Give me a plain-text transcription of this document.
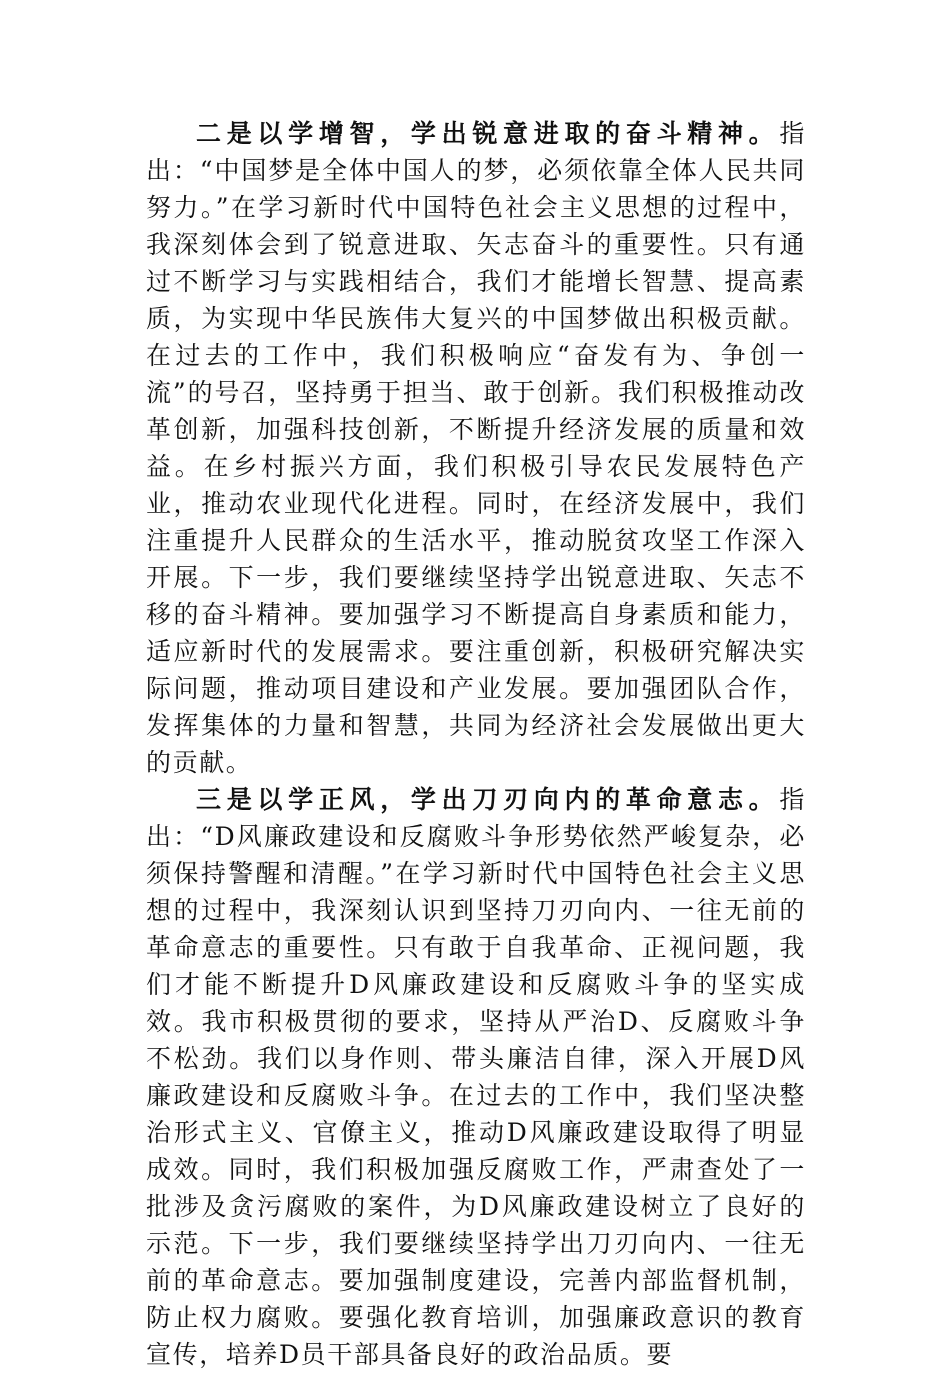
二是以学增智，学出锐意进取的奋斗精神。指出：“中国梦是全体中国人的梦，必须依靠全体人民共同努力。”在学习新时代中国特色社会主义思想的过程中，我深刻体会到了锐意进取、矢志奋斗的重要性。只有通过不断学习与实践相结合，我们才能增长智慧、提高素质，为实现中华民族伟大复兴的中国梦做出积极贡献。在过去的工作中，我们积极响应“奋发有为、争创一流”的号召，坚持勇于担当、敢于创新。我们积极推动改革创新，加强科技创新，不断提升经济发展的质量和效益。在乡村振兴方面，我们积极引导农民发展特色产业，推动农业现代化进程。同时，在经济发展中，我们注重提升人民群众的生活水平，推动脱贫攻坚工作深入开展。下一步，我们要继续坚持学出锐意进取、矢志不移的奋斗精神。要加强学习不断提高自身素质和能力，适应新时代的发展需求。要注重创新，积极研究解决实际问题，推动项目建设和产业发展。要加强团队合作，发挥集体的力量和智慧，共同为经济社会发展做出更大的贡献。

三是以学正风，学出刀刃向内的革命意志。指出：“D风廉政建设和反腐败斗争形势依然严峻复杂，必须保持警醒和清醒。”在学习新时代中国特色社会主义思想的过程中，我深刻认识到坚持刀刃向内、一往无前的革命意志的重要性。只有敢于自我革命、正视问题，我们才能不断提升D风廉政建设和反腐败斗争的坚实成效。我市积极贯彻的要求，坚持从严治D、反腐败斗争不松劲。我们以身作则、带头廉洁自律，深入开展D风廉政建设和反腐败斗争。在过去的工作中，我们坚决整治形式主义、官僚主义，推动D风廉政建设取得了明显成效。同时，我们积极加强反腐败工作，严肃查处了一批涉及贪污腐败的案件，为D风廉政建设树立了良好的示范。下一步，我们要继续坚持学出刀刃向内、一往无前的革命意志。要加强制度建设，完善内部监督机制，防止权力腐败。要强化教育培训，加强廉政意识的教育宣传，培养D员干部具备良好的政治品质。要
